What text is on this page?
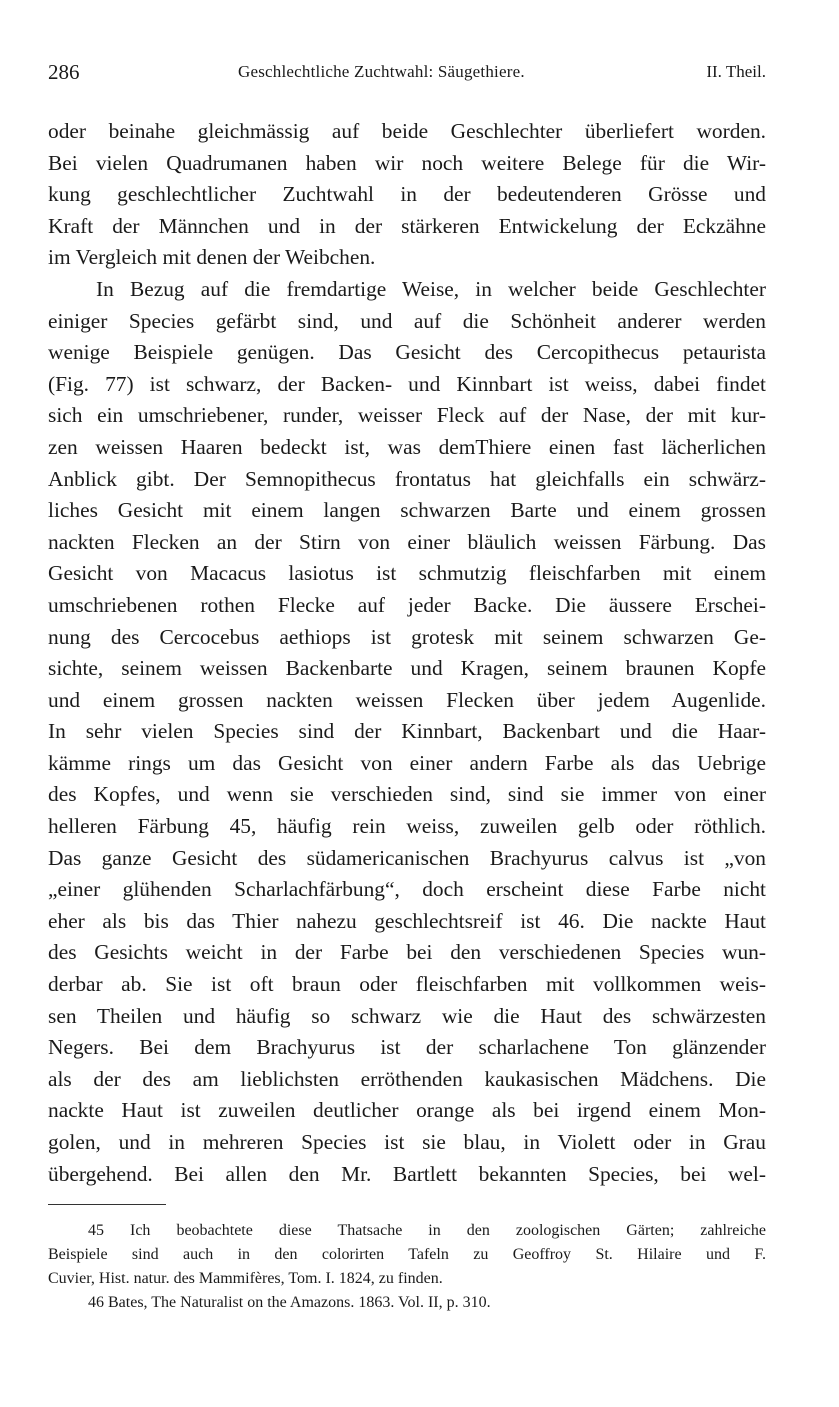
286	Geschlechtliche Zuchtwahl: Säugethiere.	II. Theil.
oder beinahe gleichmässig auf beide Geschlechter überliefert worden.
Bei vielen Quadrumanen haben wir noch weitere Belege für die Wir-
kung geschlechtlicher Zuchtwahl in der bedeutenderen Grösse und
Kraft der Männchen und in der stärkeren Entwickelung der Eckzähne
im Vergleich mit denen der Weibchen.
In Bezug auf die fremdartige Weise, in welcher beide Geschlechter
einiger Species gefärbt sind, und auf die Schönheit anderer werden
wenige Beispiele genügen. Das Gesicht des Cercopithecus petaurista
(Fig. 77) ist schwarz, der Backen- und Kinnbart ist weiss, dabei findet
sich ein umschriebener, runder, weisser Fleck auf der Nase, der mit kur-
zen weissen Haaren bedeckt ist, was demThiere einen fast lächerlichen
Anblick gibt. Der Semnopithecus frontatus hat gleichfalls ein schwärz-
liches Gesicht mit einem langen schwarzen Barte und einem grossen
nackten Flecken an der Stirn von einer bläulich weissen Färbung. Das
Gesicht von Macacus lasiotus ist schmutzig fleischfarben mit einem
umschriebenen rothen Flecke auf jeder Backe. Die äussere Erschei-
nung des Cercocebus aethiops ist grotesk mit seinem schwarzen Ge-
sichte, seinem weissen Backenbarte und Kragen, seinem braunen Kopfe
und einem grossen nackten weissen Flecken über jedem Augenlide.
In sehr vielen Species sind der Kinnbart, Backenbart und die Haar-
kämme rings um das Gesicht von einer andern Farbe als das Uebrige
des Kopfes, und wenn sie verschieden sind, sind sie immer von einer
helleren Färbung 45, häufig rein weiss, zuweilen gelb oder röthlich.
Das ganze Gesicht des südamericanischen Brachyurus calvus ist „von
„einer glühenden Scharlachfärbung“, doch erscheint diese Farbe nicht
eher als bis das Thier nahezu geschlechtsreif ist 46. Die nackte Haut
des Gesichts weicht in der Farbe bei den verschiedenen Species wun-
derbar ab. Sie ist oft braun oder fleischfarben mit vollkommen weis-
sen Theilen und häufig so schwarz wie die Haut des schwärzesten
Negers. Bei dem Brachyurus ist der scharlachene Ton glänzender
als der des am lieblichsten erröthenden kaukasischen Mädchens. Die
nackte Haut ist zuweilen deutlicher orange als bei irgend einem Mon-
golen, und in mehreren Species ist sie blau, in Violett oder in Grau
übergehend. Bei allen den Mr. Bartlett bekannten Species, bei wel-
45 Ich beobachtete diese Thatsache in den zoologischen Gärten; zahlreiche
Beispiele sind auch in den colorirten Tafeln zu Geoffroy St. Hilaire und F.
Cuvier, Hist. natur. des Mammifères, Tom. I. 1824, zu finden.
46 Bates, The Naturalist on the Amazons. 1863. Vol. II, p. 310.
